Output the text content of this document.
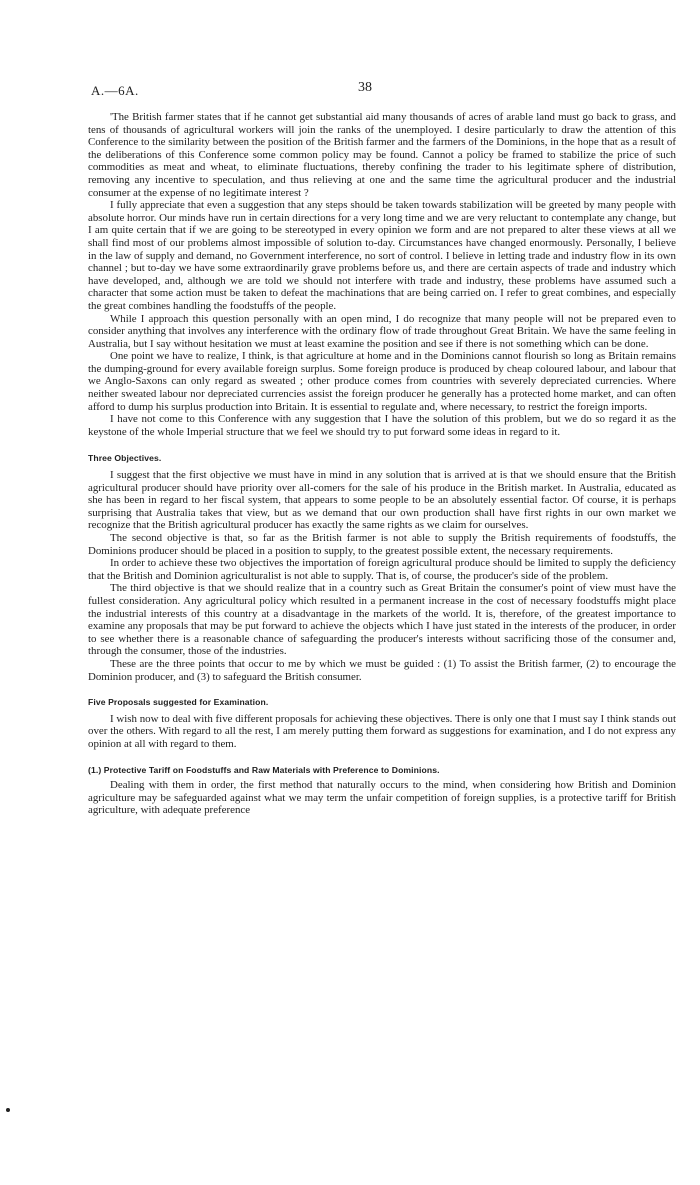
A.—6A.	38

'The British farmer states that if he cannot get substantial aid many thousands of acres of arable land must go back to grass, and tens of thousands of agricultural workers will join the ranks of the unemployed. I desire particularly to draw the attention of this Conference to the similarity between the position of the British farmer and the farmers of the Dominions, in the hope that as a result of the deliberations of this Conference some common policy may be found. Cannot a policy be framed to stabilize the price of such commodities as meat and wheat, to eliminate fluctuations, thereby confining the trader to his legitimate sphere of distribution, removing any incentive to speculation, and thus relieving at one and the same time the agricultural producer and the industrial consumer at the expense of no legitimate interest ?

I fully appreciate that even a suggestion that any steps should be taken towards stabilization will be greeted by many people with absolute horror. Our minds have run in certain directions for a very long time and we are very reluctant to contemplate any change, but I am quite certain that if we are going to be stereotyped in every opinion we form and are not prepared to alter these views at all we shall find most of our problems almost impossible of solution to-day. Circumstances have changed enormously. Personally, I believe in the law of supply and demand, no Government interference, no sort of control. I believe in letting trade and industry flow in its own channel ; but to-day we have some extraordinarily grave problems before us, and there are certain aspects of trade and industry which have developed, and, although we are told we should not interfere with trade and industry, these problems have assumed such a character that some action must be taken to defeat the machinations that are being carried on. I refer to great combines, and especially the great combines handling the foodstuffs of the people.

While I approach this question personally with an open mind, I do recognize that many people will not be prepared even to consider anything that involves any interference with the ordinary flow of trade throughout Great Britain. We have the same feeling in Australia, but I say without hesitation we must at least examine the position and see if there is not something which can be done.

One point we have to realize, I think, is that agriculture at home and in the Dominions cannot flourish so long as Britain remains the dumping-ground for every available foreign surplus. Some foreign produce is produced by cheap coloured labour, and labour that we Anglo-Saxons can only regard as sweated ; other produce comes from countries with severely depreciated currencies. Where neither sweated labour nor depreciated currencies assist the foreign producer he generally has a protected home market, and can often afford to dump his surplus production into Britain. It is essential to regulate and, where necessary, to restrict the foreign imports.

I have not come to this Conference with any suggestion that I have the solution of this problem, but we do so regard it as the keystone of the whole Imperial structure that we feel we should try to put forward some ideas in regard to it.

Three Objectives.

I suggest that the first objective we must have in mind in any solution that is arrived at is that we should ensure that the British agricultural producer should have priority over all-comers for the sale of his produce in the British market. In Australia, educated as she has been in regard to her fiscal system, that appears to some people to be an absolutely essential factor. Of course, it is perhaps surprising that Australia takes that view, but as we demand that our own production shall have first rights in our own market we recognize that the British agricultural producer has exactly the same rights as we claim for ourselves.

The second objective is that, so far as the British farmer is not able to supply the British requirements of foodstuffs, the Dominions producer should be placed in a position to supply, to the greatest possible extent, the necessary requirements.

In order to achieve these two objectives the importation of foreign agricultural produce should be limited to supply the deficiency that the British and Dominion agriculturalist is not able to supply. That is, of course, the producer's side of the problem.

The third objective is that we should realize that in a country such as Great Britain the consumer's point of view must have the fullest consideration. Any agricultural policy which resulted in a permanent increase in the cost of necessary foodstuffs might place the industrial interests of this country at a disadvantage in the markets of the world. It is, therefore, of the greatest importance to examine any proposals that may be put forward to achieve the objects which I have just stated in the interests of the producer, in order to see whether there is a reasonable chance of safeguarding the producer's interests without sacrificing those of the consumer and, through the consumer, those of the industries.

These are the three points that occur to me by which we must be guided : (1) To assist the British farmer, (2) to encourage the Dominion producer, and (3) to safeguard the British consumer.

Five Proposals suggested for Examination.

I wish now to deal with five different proposals for achieving these objectives. There is only one that I must say I think stands out over the others. With regard to all the rest, I am merely putting them forward as suggestions for examination, and I do not express any opinion at all with regard to them.

(1.) Protective Tariff on Foodstuffs and Raw Materials with Preference to Dominions.

Dealing with them in order, the first method that naturally occurs to the mind, when considering how British and Dominion agriculture may be safeguarded against what we may term the unfair competition of foreign supplies, is a protective tariff for British agriculture, with adequate preference
